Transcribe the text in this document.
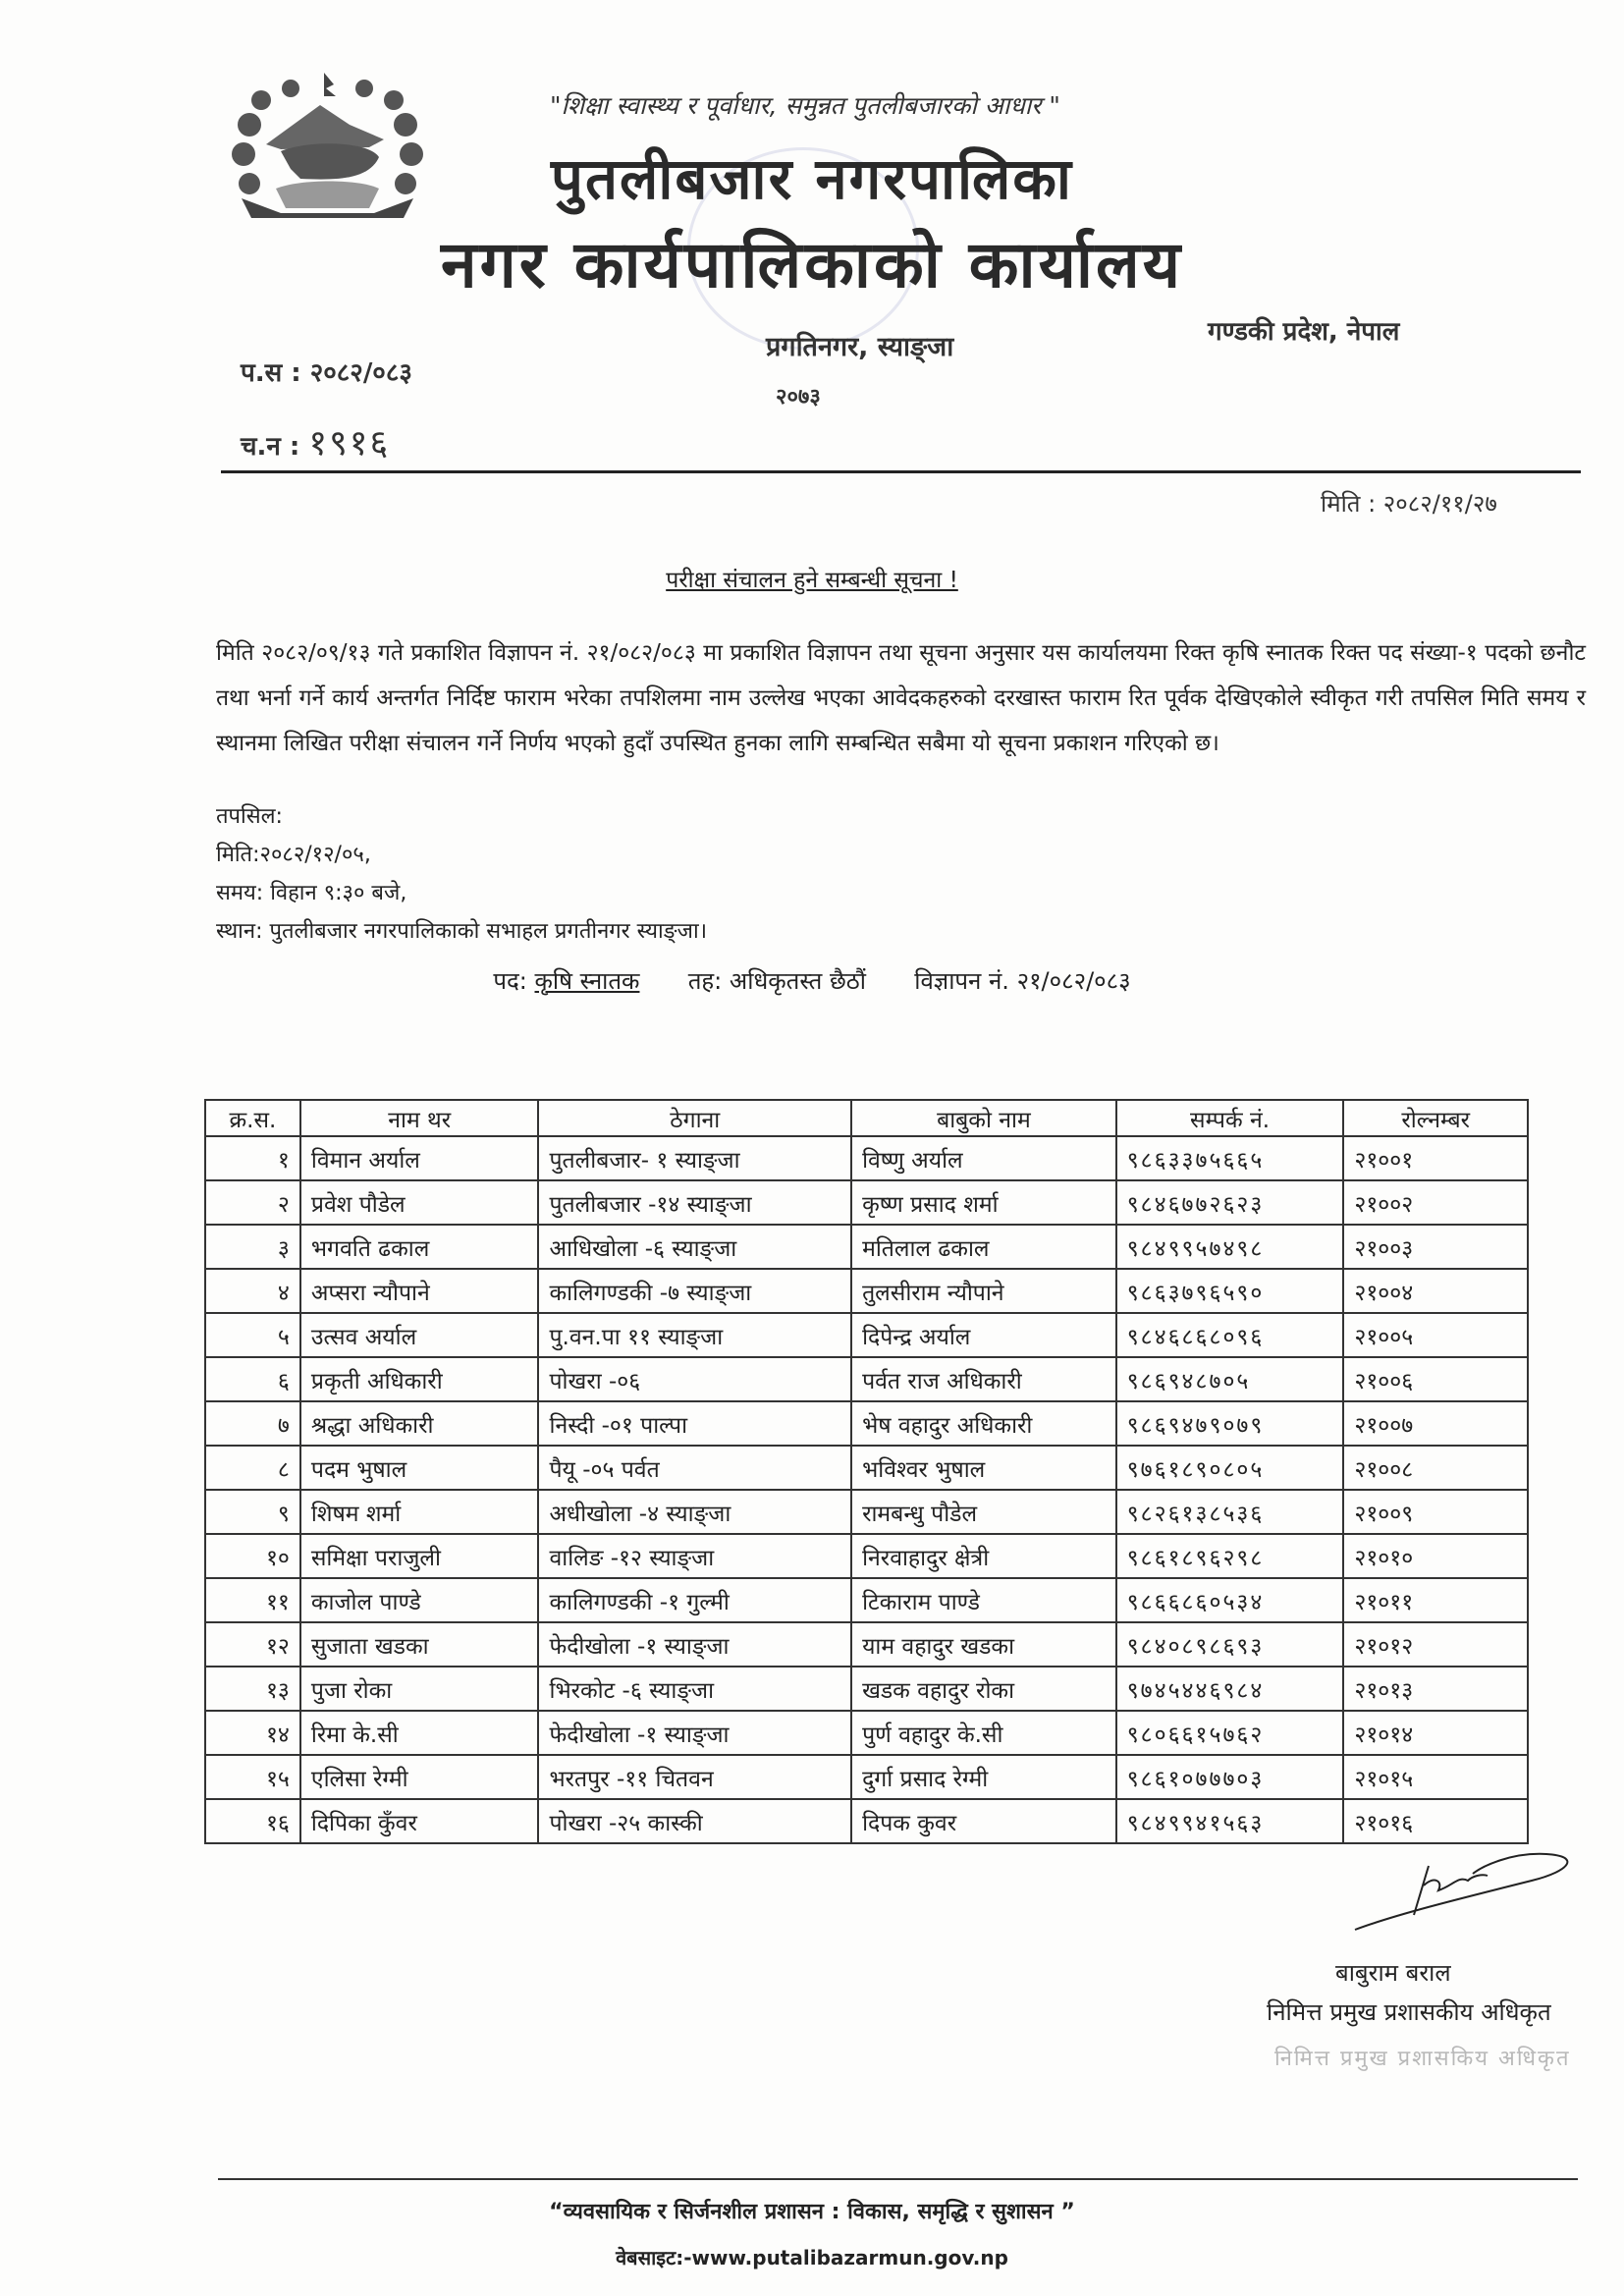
"शिक्षा स्वास्थ्य र पूर्वाधार, समुन्नत पुतलीबजारको आधार "
पुतलीबजार नगरपालिका
नगर कार्यपालिकाको कार्यालय
गण्डकी प्रदेश, नेपाल
प्रगतिनगर, स्याङ्जा
२०७३
प.स : २०८२/०८३
च.न : १९१६
मिति : २०८२/११/२७
परीक्षा संचालन हुने सम्बन्धी सूचना !
मिति २०८२/०९/१३ गते प्रकाशित विज्ञापन नं. २१/०८२/०८३ मा प्रकाशित विज्ञापन तथा सूचना अनुसार यस कार्यालयमा रिक्त कृषि स्नातक रिक्त पद संख्या-१ पदको छनौट तथा भर्ना गर्ने कार्य अन्तर्गत निर्दिष्ट फाराम भरेका तपशिलमा नाम उल्लेख भएका आवेदकहरुको दरखास्त फाराम रित पूर्वक देखिएकोले स्वीकृत गरी तपसिल मिति समय र स्थानमा लिखित परीक्षा संचालन गर्ने निर्णय भएको हुदाँ उपस्थित हुनका लागि सम्बन्धित सबैमा यो सूचना प्रकाशन गरिएको छ।
तपसिल:
मिति:२०८२/१२/०५,
समय: विहान ९:३० बजे,
स्थान: पुतलीबजार नगरपालिकाको सभाहल प्रगतीनगर स्याङ्जा।
पद: कृषि स्नातक तह: अधिकृतस्त छैठौं विज्ञापन नं. २१/०८२/०८३
क्र.स.	नाम थर	ठेगाना	बाबुको नाम	सम्पर्क नं.	रोल्नम्बर
१	विमान अर्याल	पुतलीबजार- १ स्याङ्जा	विष्णु अर्याल	९८६३३७५६६५	२१००१
२	प्रवेश पौडेल	पुतलीबजार -१४ स्याङ्जा	कृष्ण प्रसाद शर्मा	९८४६७७२६२३	२१००२
३	भगवति ढकाल	आधिखोला -६ स्याङ्जा	मतिलाल ढकाल	९८४९९५७४९८	२१००३
४	अप्सरा न्यौपाने	कालिगण्डकी -७ स्याङ्जा	तुलसीराम न्यौपाने	९८६३७९६५९०	२१००४
५	उत्सव अर्याल	पु.वन.पा ११ स्याङ्जा	दिपेन्द्र अर्याल	९८४६८६८०९६	२१००५
६	प्रकृती अधिकारी	पोखरा -०६	पर्वत राज अधिकारी	९८६९४८७०५	२१००६
७	श्रद्धा अधिकारी	निस्दी -०१ पाल्पा	भेष वहादुर अधिकारी	९८६९४७९०७९	२१००७
८	पदम भुषाल	पैयू -०५ पर्वत	भविश्वर भुषाल	९७६१८९०८०५	२१००८
९	शिषम शर्मा	अधीखोला -४ स्याङ्जा	रामबन्धु पौडेल	९८२६१३८५३६	२१००९
१०	समिक्षा पराजुली	वालिङ -१२ स्याङ्जा	निरवाहादुर क्षेत्री	९८६१८९६२९८	२१०१०
११	काजोल पाण्डे	कालिगण्डकी -१ गुल्मी	टिकाराम पाण्डे	९८६६८६०५३४	२१०११
१२	सुजाता खडका	फेदीखोला -१ स्याङ्जा	याम वहादुर खडका	९८४०८९८६९३	२१०१२
१३	पुजा रोका	भिरकोट -६ स्याङ्जा	खडक वहादुर रोका	९७४५४४६९८४	२१०१३
१४	रिमा के.सी	फेदीखोला -१ स्याङ्जा	पुर्ण वहादुर के.सी	९८०६६१५७६२	२१०१४
१५	एलिसा रेग्मी	भरतपुर -११ चितवन	दुर्गा प्रसाद रेग्मी	९८६१०७७७०३	२१०१५
१६	दिपिका कुँवर	पोखरा -२५ कास्की	दिपक कुवर	९८४९९४१५६३	२१०१६
बाबुराम बराल
निमित्त प्रमुख प्रशासकीय अधिकृत
निमित्त प्रमुख प्रशासकिय अधिकृत
“व्यवसायिक र सिर्जनशील प्रशासन : विकास, समृद्धि र सुशासन ”
वेबसाइट:-www.putalibazarmun.gov.np
